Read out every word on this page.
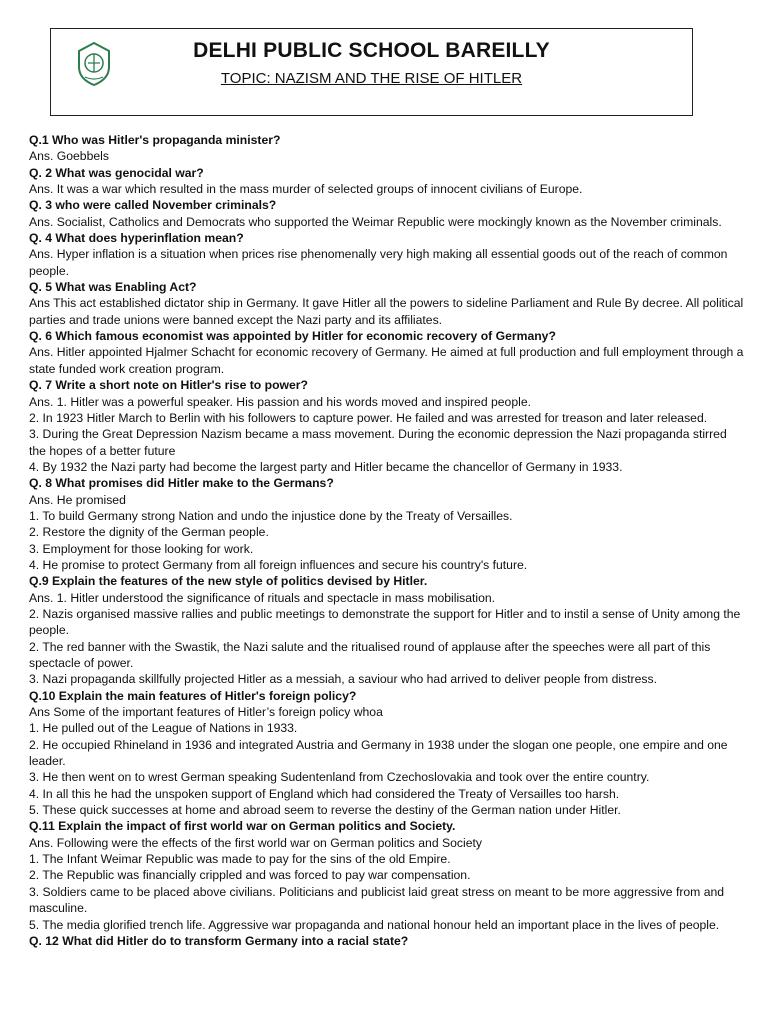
DELHI PUBLIC SCHOOL BAREILLY
TOPIC: NAZISM AND THE RISE OF HITLER

Q.1 Who was Hitler's propaganda minister?

Ans. Goebbels

Q. 2 What was genocidal war?

Ans. It was a war which resulted in the mass murder of selected groups of innocent civilians of Europe.

Q. 3 who were called November criminals?

Ans. Socialist, Catholics and Democrats who supported the Weimar Republic were mockingly known as the November criminals.

Q. 4 What does hyperinflation mean?

Ans. Hyper inflation is a situation when prices rise phenomenally very high making all essential goods out of the reach of common people.

Q. 5 What was Enabling Act?

Ans This act established dictator ship in Germany. It gave Hitler all the powers to sideline Parliament and Rule By decree. All political parties and trade unions were banned except the Nazi party and its affiliates.

Q. 6 Which famous economist was appointed by Hitler for economic recovery of Germany?

Ans. Hitler appointed Hjalmer Schacht for economic recovery of Germany. He aimed at full production and full employment through a state funded work creation program.

Q. 7 Write a short note on Hitler's rise to power?

Ans. 1. Hitler was a powerful speaker. His passion and his words moved and inspired people.

2. In 1923 Hitler March to Berlin with his followers to capture power. He failed and was arrested for treason and later released.

3. During the Great Depression Nazism became a mass movement. During the economic depression the Nazi propaganda stirred the hopes of a better future

4. By 1932 the Nazi party had become the largest party and Hitler became the chancellor of Germany in 1933.

Q. 8 What promises did Hitler make to the Germans?

Ans. He promised

1. To build Germany strong Nation and undo the injustice done by the Treaty of Versailles.

2. Restore the dignity of the German people.

3. Employment for those looking for work.

4. He promise to protect Germany from all foreign influences and secure his country's future.

Q.9 Explain the features of the new style of politics devised by Hitler.

Ans. 1. Hitler understood the significance of rituals and spectacle in mass mobilisation.

2. Nazis organised massive rallies and public meetings to demonstrate the support for Hitler and to instil a sense of Unity among the people.

2. The red banner with the Swastik, the Nazi salute and the ritualised round of applause after the speeches were all part of this spectacle of power.

3. Nazi propaganda skillfully projected Hitler as a messiah, a saviour who had arrived to deliver people from distress.

Q.10 Explain the main features of Hitler's foreign policy?

Ans Some of the important features of Hitler’s foreign policy whoa

1. He pulled out of the League of Nations in 1933.

2. He occupied Rhineland in 1936 and integrated Austria and Germany in 1938 under the slogan one people, one empire and one leader.

3. He then went on to wrest German speaking Sudentenland from Czechoslovakia and took over the entire country.

4. In all this he had the unspoken support of England which had considered the Treaty of Versailles too harsh.

5. These quick successes at home and abroad seem to reverse the destiny of the German nation under Hitler.

Q.11 Explain the impact of first world war on German politics and Society.

Ans. Following were the effects of the first world war on German politics and Society

1. The Infant Weimar Republic was made to pay for the sins of the old Empire.

2. The Republic was financially crippled and was forced to pay war compensation.

3. Soldiers came to be placed above civilians. Politicians and publicist laid great stress on meant to be more aggressive from and masculine.

5. The media glorified trench life. Aggressive war propaganda and national honour held an important place in the lives of people.

Q. 12 What did Hitler do to transform Germany into a racial state?
